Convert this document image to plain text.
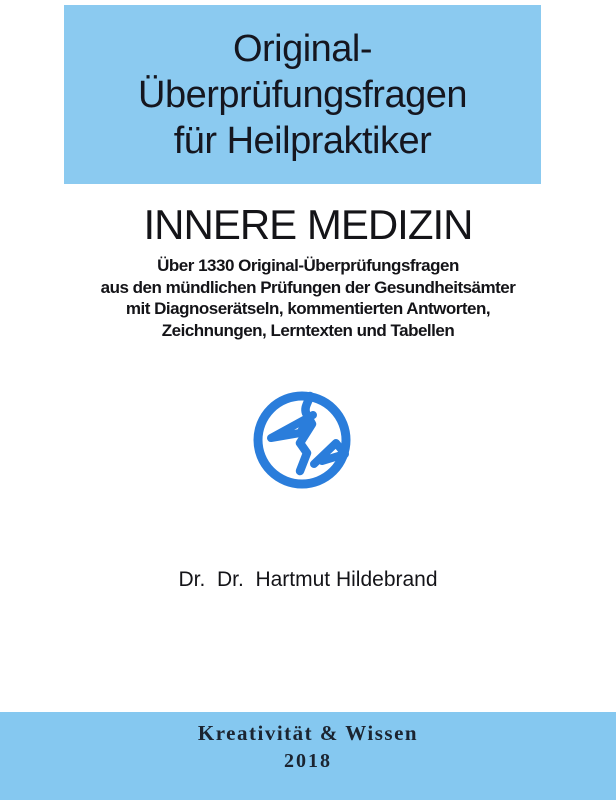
Original-
Überprüfungsfragen
für Heilpraktiker
INNERE MEDIZIN
Über 1330 Original-Überprüfungsfragen
aus den mündlichen Prüfungen der Gesundheitsämter
mit Diagnoserätseln, kommentierten Antworten,
Zeichnungen, Lerntexten und Tabellen
Dr.  Dr.  Hartmut Hildebrand
Kreativität & Wissen
2018
